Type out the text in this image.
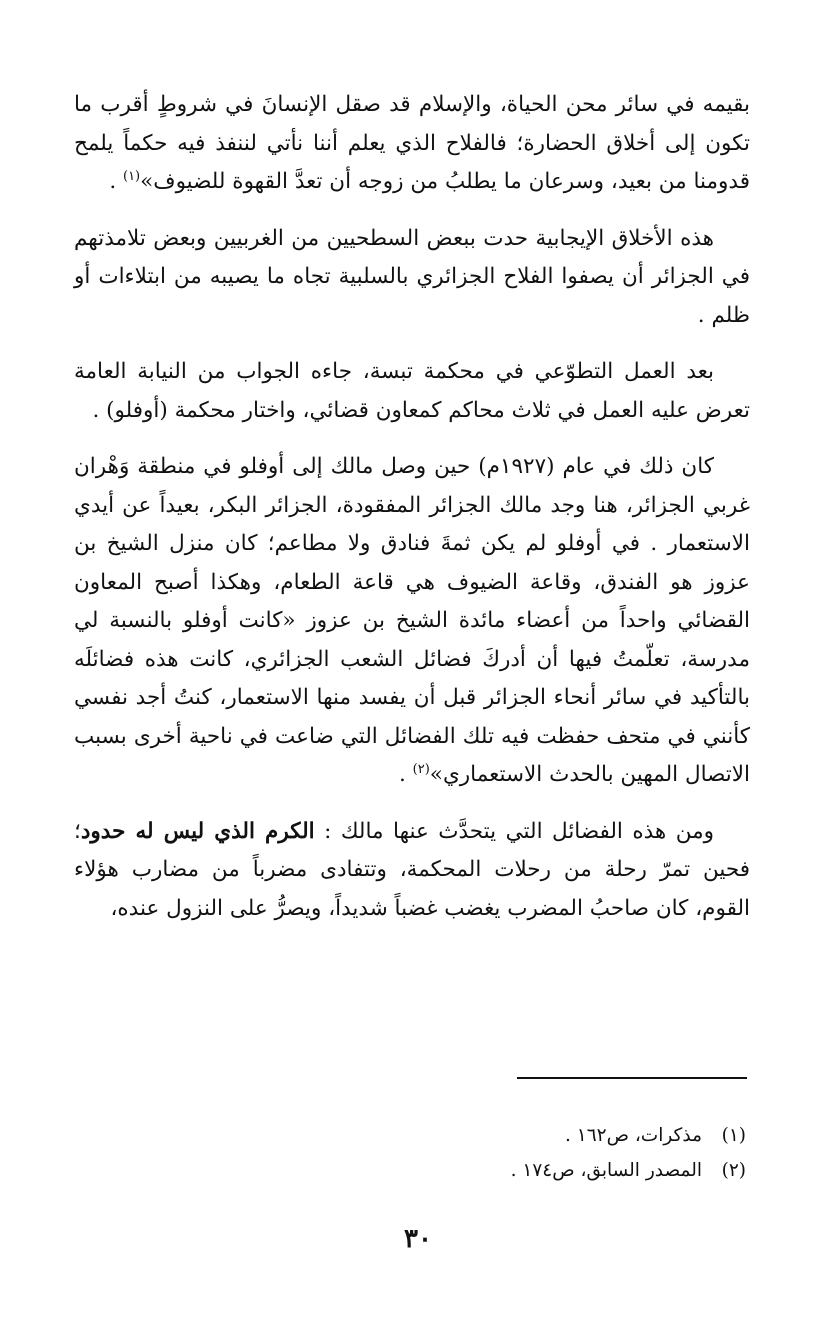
بقيمه في سائر محن الحياة، والإسلام قد صقل الإنسانَ في شروطٍ أقرب ما تكون إلى أخلاق الحضارة؛ فالفلاح الذي يعلم أننا نأتي لننفذ فيه حكماً يلمح قدومنا من بعيد، وسرعان ما يطلبُ من زوجه أن تعدَّ القهوة للضيوف»$^{(١)}$ .

هذه الأخلاق الإيجابية حدت ببعض السطحيين من الغربيين وبعض تلامذتهم في الجزائر أن يصفوا الفلاح الجزائري بالسلبية تجاه ما يصيبه من ابتلاءات أو ظلم .

بعد العمل التطوّعي في محكمة تبسة، جاءه الجواب من النيابة العامة تعرض عليه العمل في ثلاث محاكم كمعاون قضائي، واختار محكمة (أوفلو) .

كان ذلك في عام (١٩٢٧م) حين وصل مالك إلى أوفلو في منطقة وَهْران غربي الجزائر، هنا وجد مالك الجزائر المفقودة، الجزائر البكر، بعيداً عن أيدي الاستعمار . في أوفلو لم يكن ثمةَ فنادق ولا مطاعم؛ كان منزل الشيخ بن عزوز هو الفندق، وقاعة الضيوف هي قاعة الطعام، وهكذا أصبح المعاون القضائي واحداً من أعضاء مائدة الشيخ بن عزوز «كانت أوفلو بالنسبة لي مدرسة، تعلّمتُ فيها أن أدركَ فضائل الشعب الجزائري، كانت هذه فضائلَه بالتأكيد في سائر أنحاء الجزائر قبل أن يفسد منها الاستعمار، كنتُ أجد نفسي كأنني في متحف حفظت فيه تلك الفضائل التي ضاعت في ناحية أخرى بسبب الاتصال المهين بالحدث الاستعماري»$^{(٢)}$ .

ومن هذه الفضائل التي يتحدَّث عنها مالك : الكرم الذي ليس له حدود؛ فحين تمرّ رحلة من رحلات المحكمة، وتتفادى مضرباً من مضارب هؤلاء القوم، كان صاحبُ المضرب يغضب غضباً شديداً، ويصرُّ على النزول عنده،

(١)مذكرات، ص١٦٢ .
(٢)المصدر السابق، ص١٧٤ .
٣٠
